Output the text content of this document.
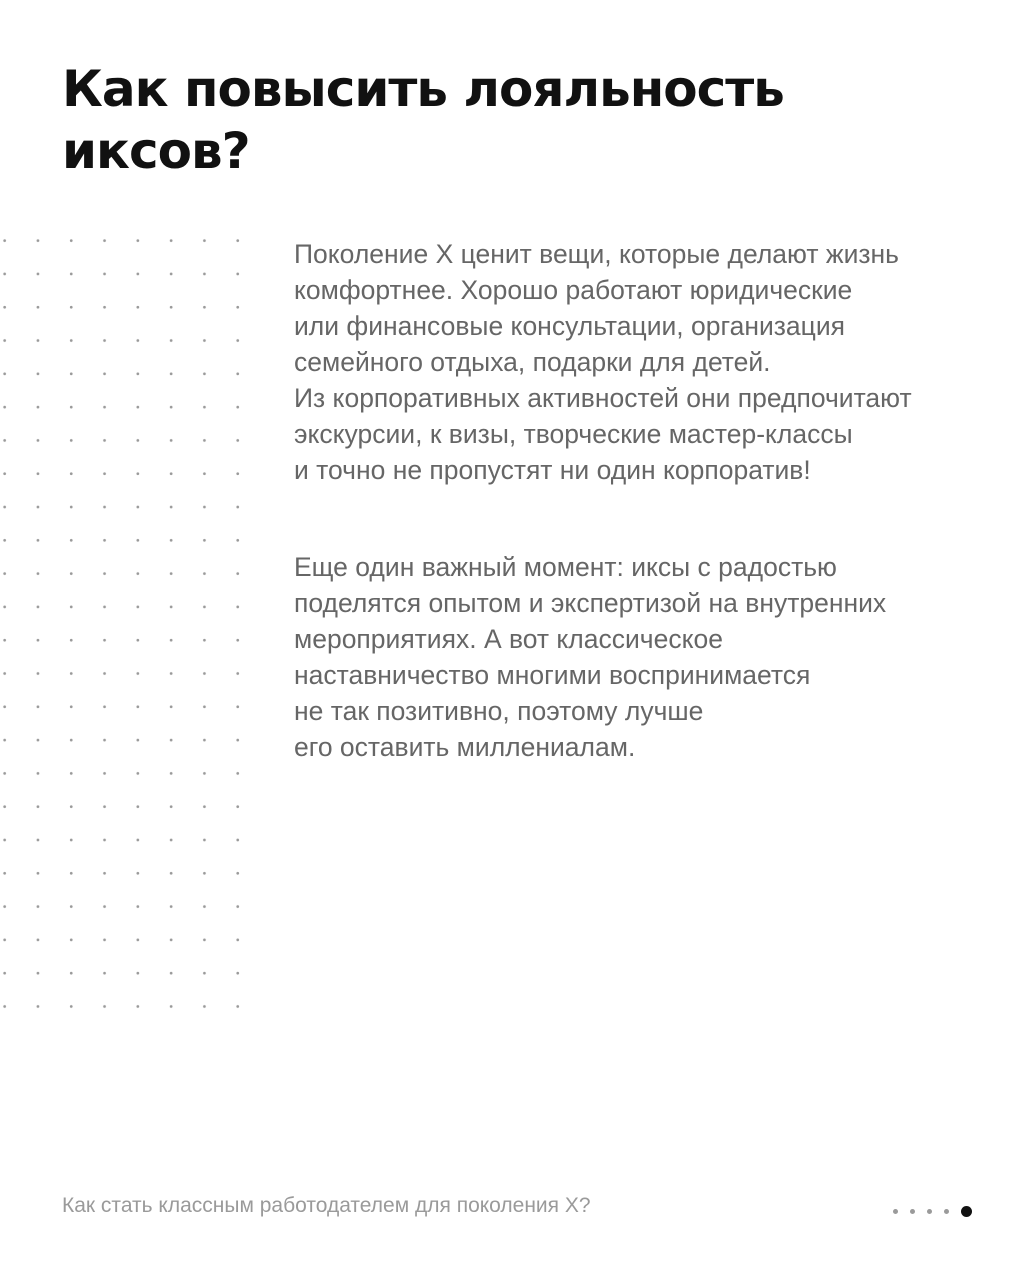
Как повысить лояльность иксов?
Поколение X ценит вещи, которые делают жизнь
комфортнее. Хорошо работают юридические
или финансовые консультации, организация
семейного отдыха, подарки для детей.
Из корпоративных активностей они предпочитают
экскурсии, к визы, творческие мастер-классы
и точно не пропустят ни один корпоратив!
Еще один важный момент: иксы с радостью
поделятся опытом и экспертизой на внутренних
мероприятиях. А вот классическое
наставничество многими воспринимается
не так позитивно, поэтому лучше
его оставить миллениалам.
Как стать классным работодателем для поколения Х?
